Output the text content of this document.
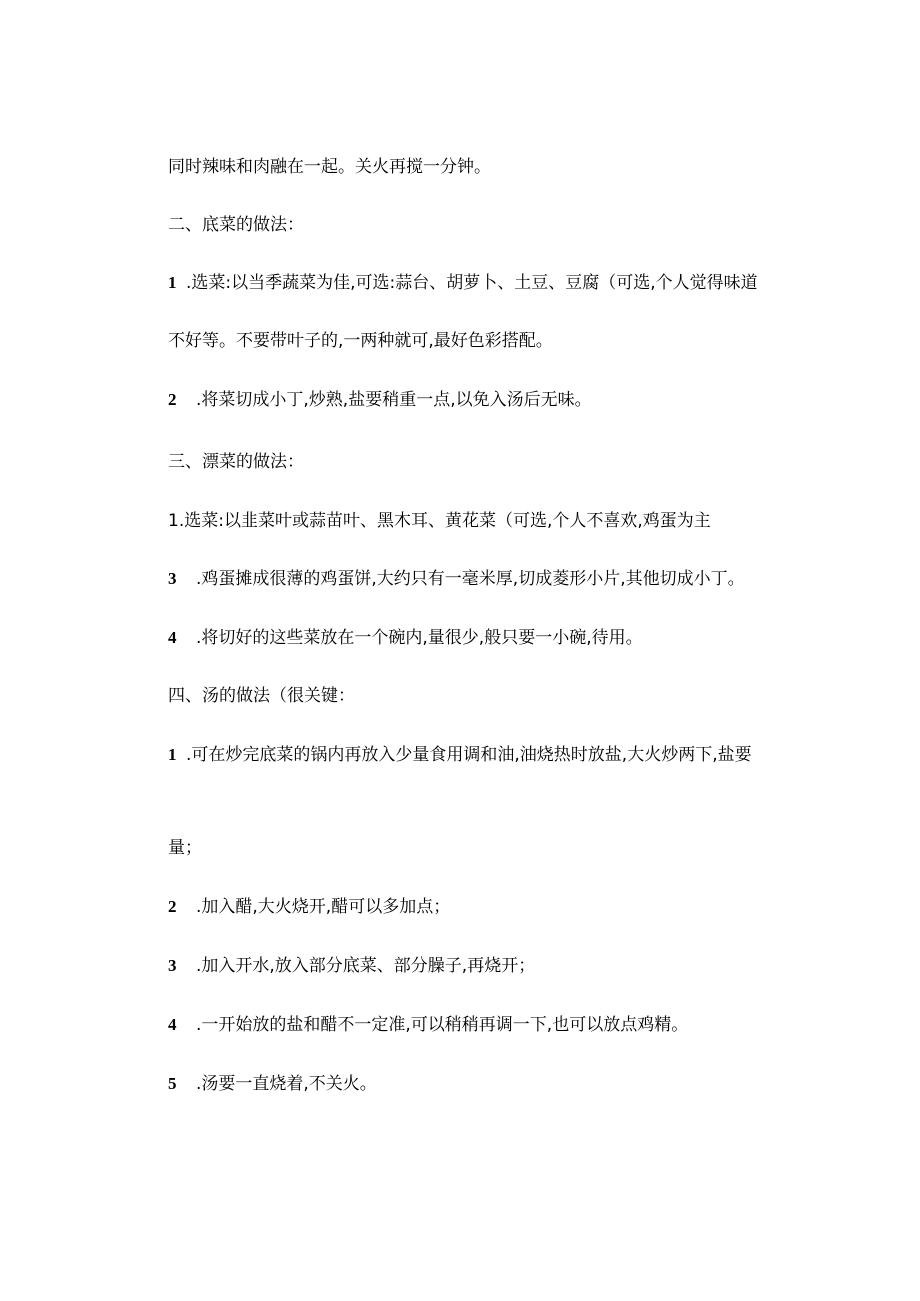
同时辣味和肉融在一起。关火再搅一分钟。
二、底菜的做法：
1 .选菜:以当季蔬菜为佳,可选:蒜台、胡萝卜、土豆、豆腐（可选,个人觉得味道
不好等。不要带叶子的,一两种就可,最好色彩搭配。
2 .将菜切成小丁,炒熟,盐要稍重一点,以免入汤后无味。
三、漂菜的做法：
1.选菜:以韭菜叶或蒜苗叶、黑木耳、黄花菜（可选,个人不喜欢,鸡蛋为主
3 .鸡蛋摊成很薄的鸡蛋饼,大约只有一毫米厚,切成菱形小片,其他切成小丁。
4 .将切好的这些菜放在一个碗内,量很少,般只要一小碗,待用。
四、汤的做法（很关键：
1 .可在炒完底菜的锅内再放入少量食用调和油,油烧热时放盐,大火炒两下,盐要
量；
2 .加入醋,大火烧开,醋可以多加点；
3 .加入开水,放入部分底菜、部分臊子,再烧开；
4 .一开始放的盐和醋不一定准,可以稍稍再调一下,也可以放点鸡精。
5 .汤要一直烧着,不关火。
